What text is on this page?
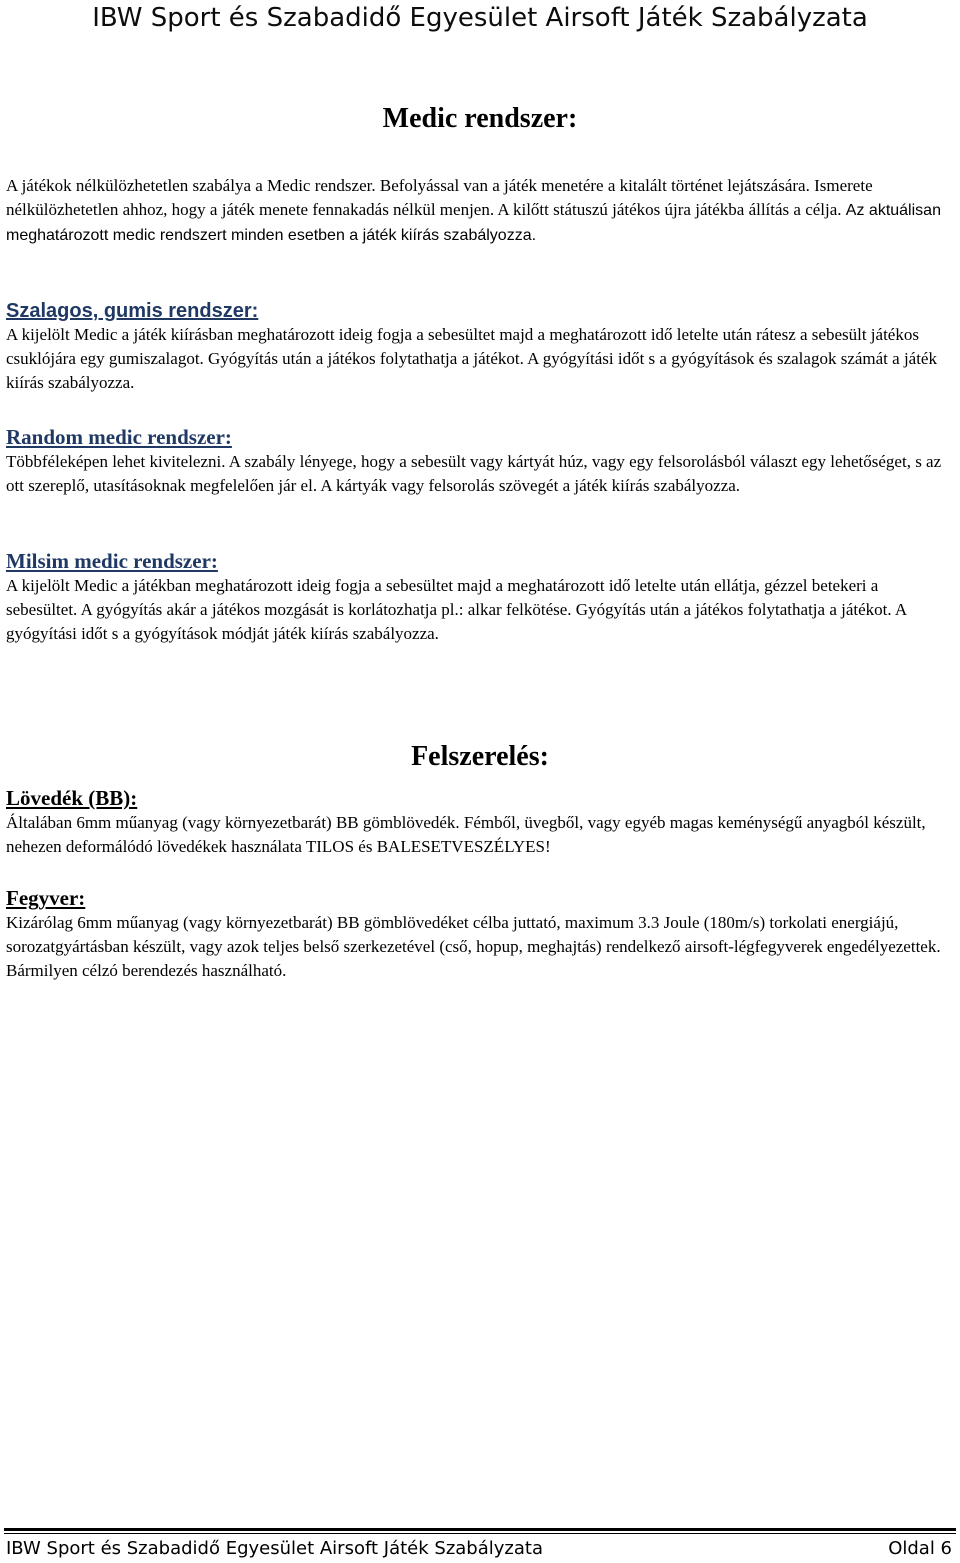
IBW Sport és Szabadidő Egyesület Airsoft Játék Szabályzata
Medic rendszer:

A játékok nélkülözhetetlen szabálya a Medic rendszer. Befolyással van a játék menetére a kitalált történet lejátszására. Ismerete nélkülözhetetlen ahhoz, hogy a játék menete fennakadás nélkül menjen. A kilőtt státuszú játékos újra játékba állítás a célja. Az aktuálisan meghatározott medic rendszert minden esetben a játék kiírás szabályozza.

Szalagos, gumis rendszer:

A kijelölt Medic a játék kiírásban meghatározott ideig fogja a sebesültet majd a meghatározott idő letelte után rátesz a sebesült játékos csuklójára egy gumiszalagot. Gyógyítás után a játékos folytathatja a játékot. A gyógyítási időt s a gyógyítások és szalagok számát a játék kiírás szabályozza.

Random medic rendszer:

Többféleképen lehet kivitelezni. A szabály lényege, hogy a sebesült vagy kártyát húz, vagy egy felsorolásból választ egy lehetőséget, s az ott szereplő, utasításoknak megfelelően jár el. A kártyák vagy felsorolás szövegét a játék kiírás szabályozza.

Milsim medic rendszer:

A kijelölt Medic a játékban meghatározott ideig fogja a sebesültet majd a meghatározott idő letelte után ellátja, gézzel betekeri a sebesültet. A gyógyítás akár a játékos mozgását is korlátozhatja pl.: alkar felkötése. Gyógyítás után a játékos folytathatja a játékot. A gyógyítási időt s a gyógyítások módját játék kiírás szabályozza.

Felszerelés:
Lövedék (BB):

Általában 6mm műanyag (vagy környezetbarát) BB gömblövedék. Fémből, üvegből, vagy egyéb magas keménységű anyagból készült, nehezen deformálódó lövedékek használata TILOS és BALESETVESZÉLYES!

Fegyver:

Kizárólag 6mm műanyag (vagy környezetbarát) BB gömblövedéket célba juttató, maximum 3.3 Joule (180m/s) torkolati energiájú, sorozatgyártásban készült, vagy azok teljes belső szerkezetével (cső, hopup, meghajtás) rendelkező airsoft-légfegyverek engedélyezettek. Bármilyen célzó berendezés használható.

IBW Sport és Szabadidő Egyesület Airsoft Játék Szabályzata	Oldal 6
